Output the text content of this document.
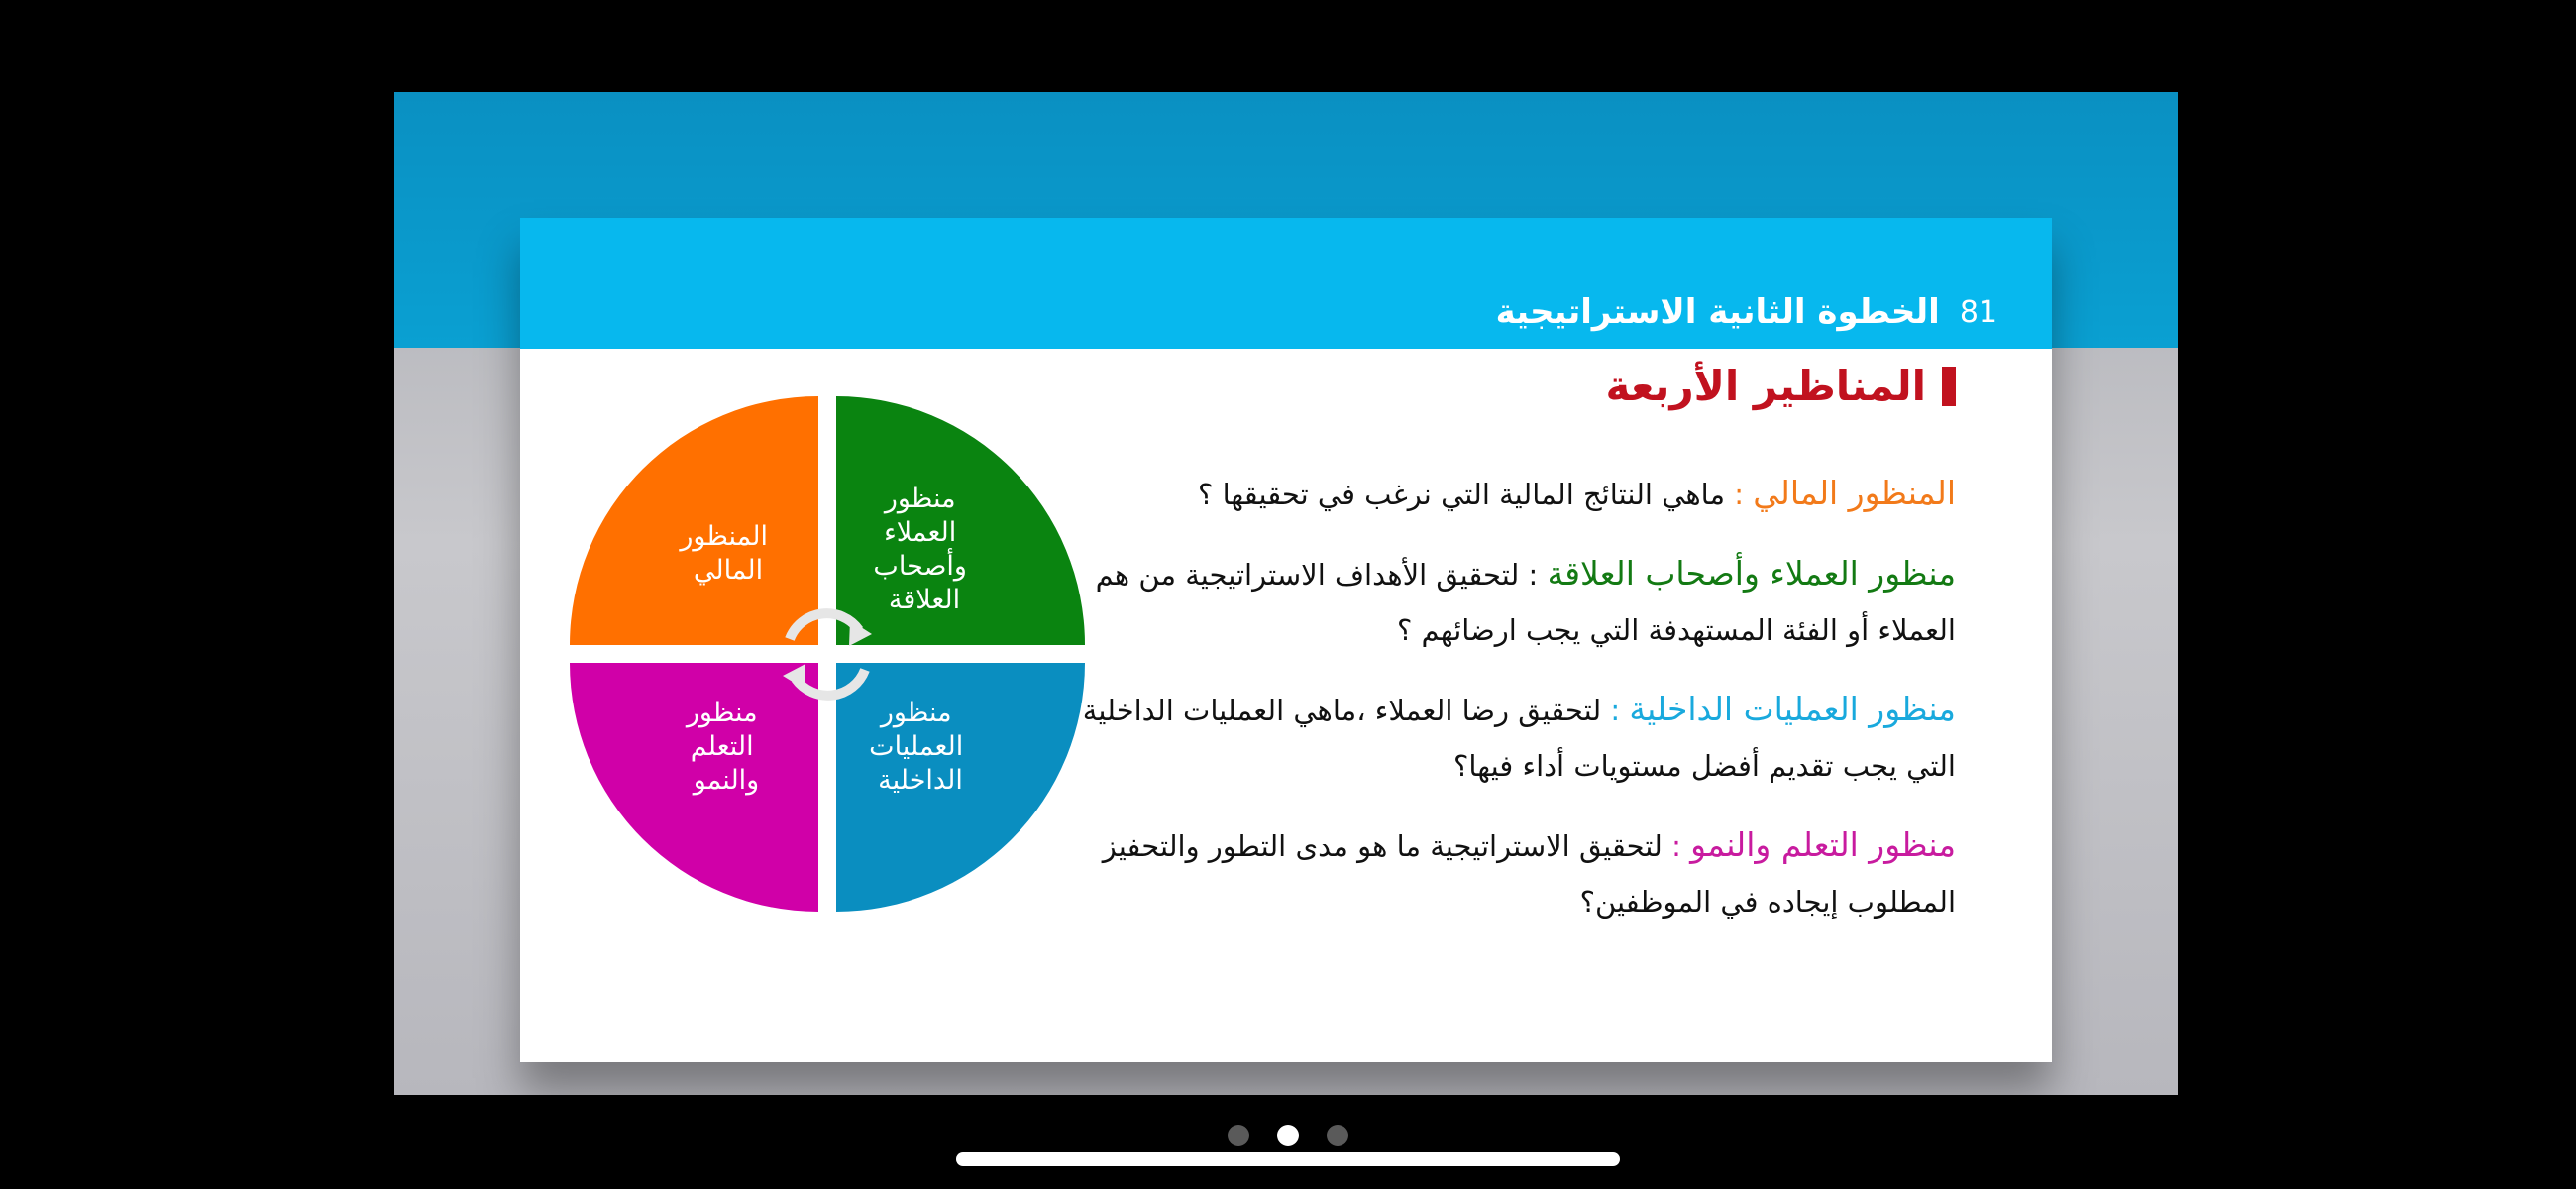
81
الخطوة الثانية الاستراتيجية
المناظير الأربعة

المنظور المالي : ماهي النتائج المالية التي نرغب في تحقيقها ؟

منظور العملاء وأصحاب العلاقة : لتحقيق الأهداف الاستراتيجية من هم العملاء أو الفئة المستهدفة التي يجب ارضائهم ؟

منظور العمليات الداخلية : لتحقيق رضا العملاء ،ماهي العمليات الداخلية التي يجب تقديم أفضل مستويات أداء فيها؟

منظور التعلم والنمو : لتحقيق الاستراتيجية ما هو مدى التطور والتحفيز المطلوب إيجاده في الموظفين؟

المنظور المالي
منظور العملاء وأصحاب العلاقة
منظور التعلم والنمو
منظور العمليات الداخلية
